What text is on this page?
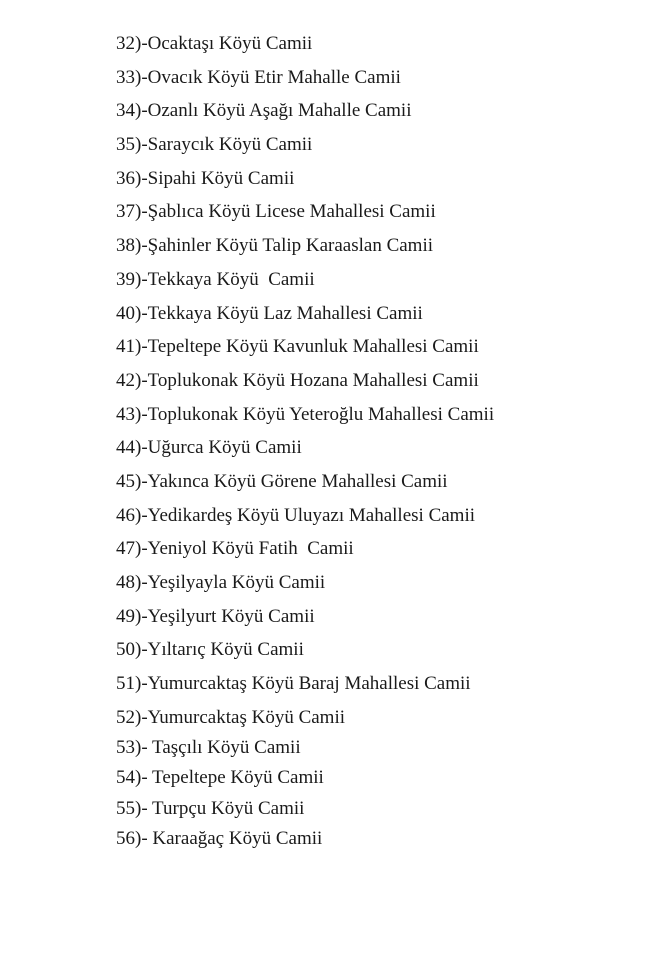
32)-Ocaktaşı Köyü Camii
33)-Ovacık Köyü Etir Mahalle Camii
34)-Ozanlı Köyü Aşağı Mahalle Camii
35)-Saraycık Köyü Camii
36)-Sipahi Köyü Camii
37)-Şablıca Köyü Licese Mahallesi Camii
38)-Şahinler Köyü Talip Karaaslan Camii
39)-Tekkaya Köyü  Camii
40)-Tekkaya Köyü Laz Mahallesi Camii
41)-Tepeltepe Köyü Kavunluk Mahallesi Camii
42)-Toplukonak Köyü Hozana Mahallesi Camii
43)-Toplukonak Köyü Yeteroğlu Mahallesi Camii
44)-Uğurca Köyü Camii
45)-Yakınca Köyü Görene Mahallesi Camii
46)-Yedikardeş Köyü Uluyazı Mahallesi Camii
47)-Yeniyol Köyü Fatih  Camii
48)-Yeşilyayla Köyü Camii
49)-Yeşilyurt Köyü Camii
50)-Yıltarıç Köyü Camii
51)-Yumurcaktaş Köyü Baraj Mahallesi Camii
52)-Yumurcaktaş Köyü Camii
53)- Taşçılı Köyü Camii
54)- Tepeltepe Köyü Camii
55)- Turpçu Köyü Camii
56)- Karaağaç Köyü Camii
